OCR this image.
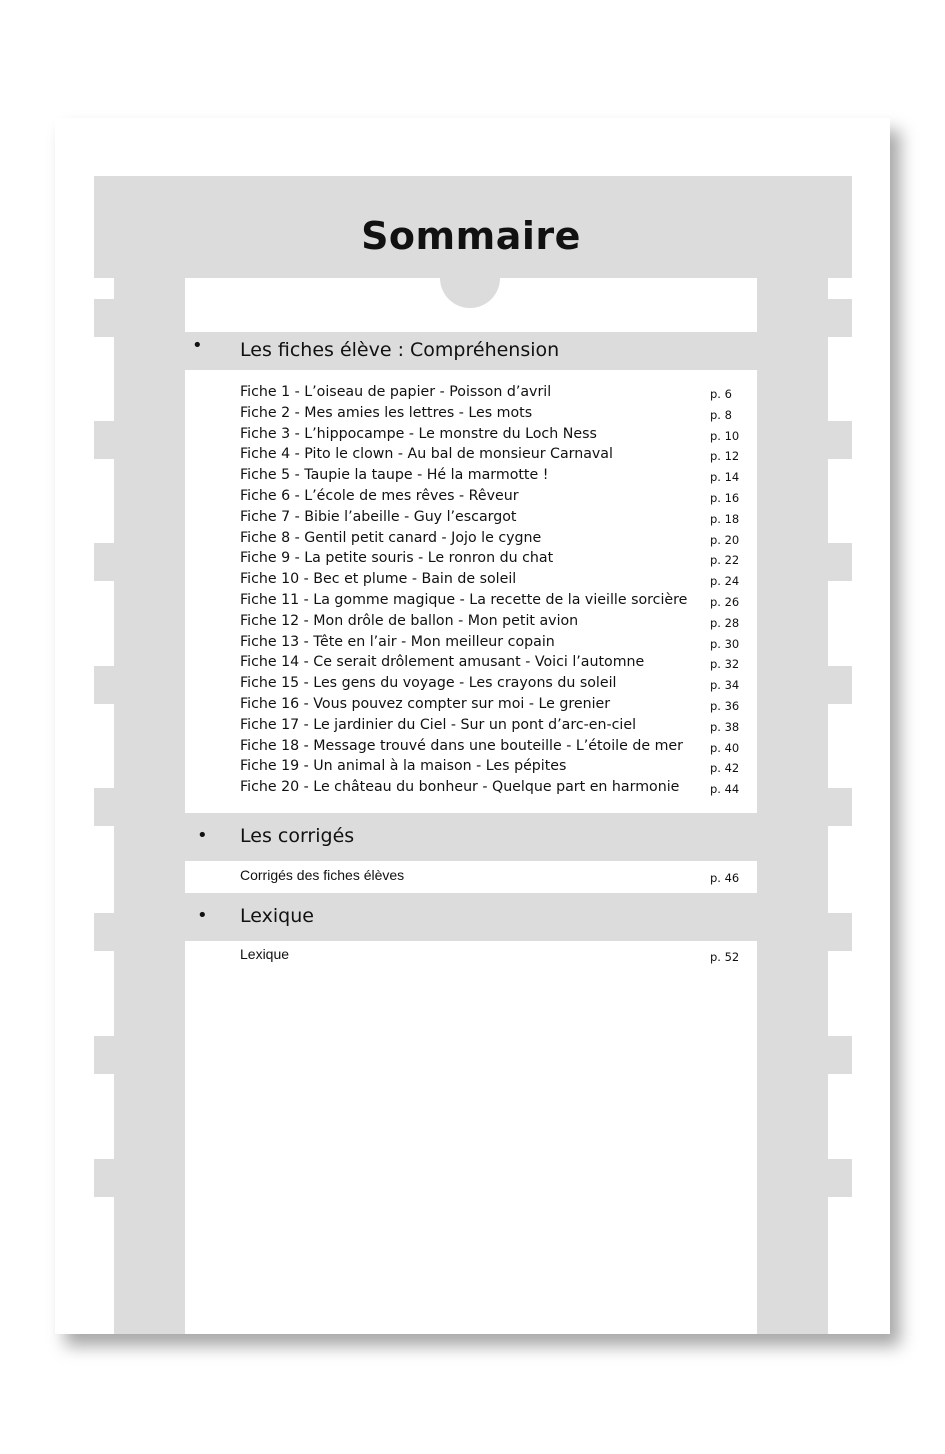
Sommaire
• Les fiches élève : Compréhension
Fiche 1 - L’oiseau de papier - Poisson d’avril	p. 6
Fiche 2 - Mes amies les lettres - Les mots	p. 8
Fiche 3 - L’hippocampe - Le monstre du Loch Ness	p. 10
Fiche 4 - Pito le clown - Au bal de monsieur Carnaval	p. 12
Fiche 5 - Taupie la taupe - Hé la marmotte !	p. 14
Fiche 6 - L’école de mes rêves - Rêveur	p. 16
Fiche 7 - Bibie l’abeille - Guy l’escargot	p. 18
Fiche 8 - Gentil petit canard - Jojo le cygne	p. 20
Fiche 9 - La petite souris - Le ronron du chat	p. 22
Fiche 10 - Bec et plume - Bain de soleil	p. 24
Fiche 11 - La gomme magique - La recette de la vieille sorcière p. 26
Fiche 12 - Mon drôle de ballon - Mon petit avion	p. 28
Fiche 13 - Tête en l’air - Mon meilleur copain	p. 30
Fiche 14 - Ce serait drôlement amusant - Voici l’automne	p. 32
Fiche 15 - Les gens du voyage - Les crayons du soleil	p. 34
Fiche 16 - Vous pouvez compter sur moi - Le grenier	p. 36
Fiche 17 - Le jardinier du Ciel - Sur un pont d’arc-en-ciel	p. 38
Fiche 18 - Message trouvé dans une bouteille - L’étoile de mer p. 40
Fiche 19 - Un animal à la maison - Les pépites	p. 42
Fiche 20 - Le château du bonheur - Quelque part en harmonie	p. 44
• Les corrigés
Corrigés des fiches élèves	p. 46
• Lexique
Lexique	p. 52
